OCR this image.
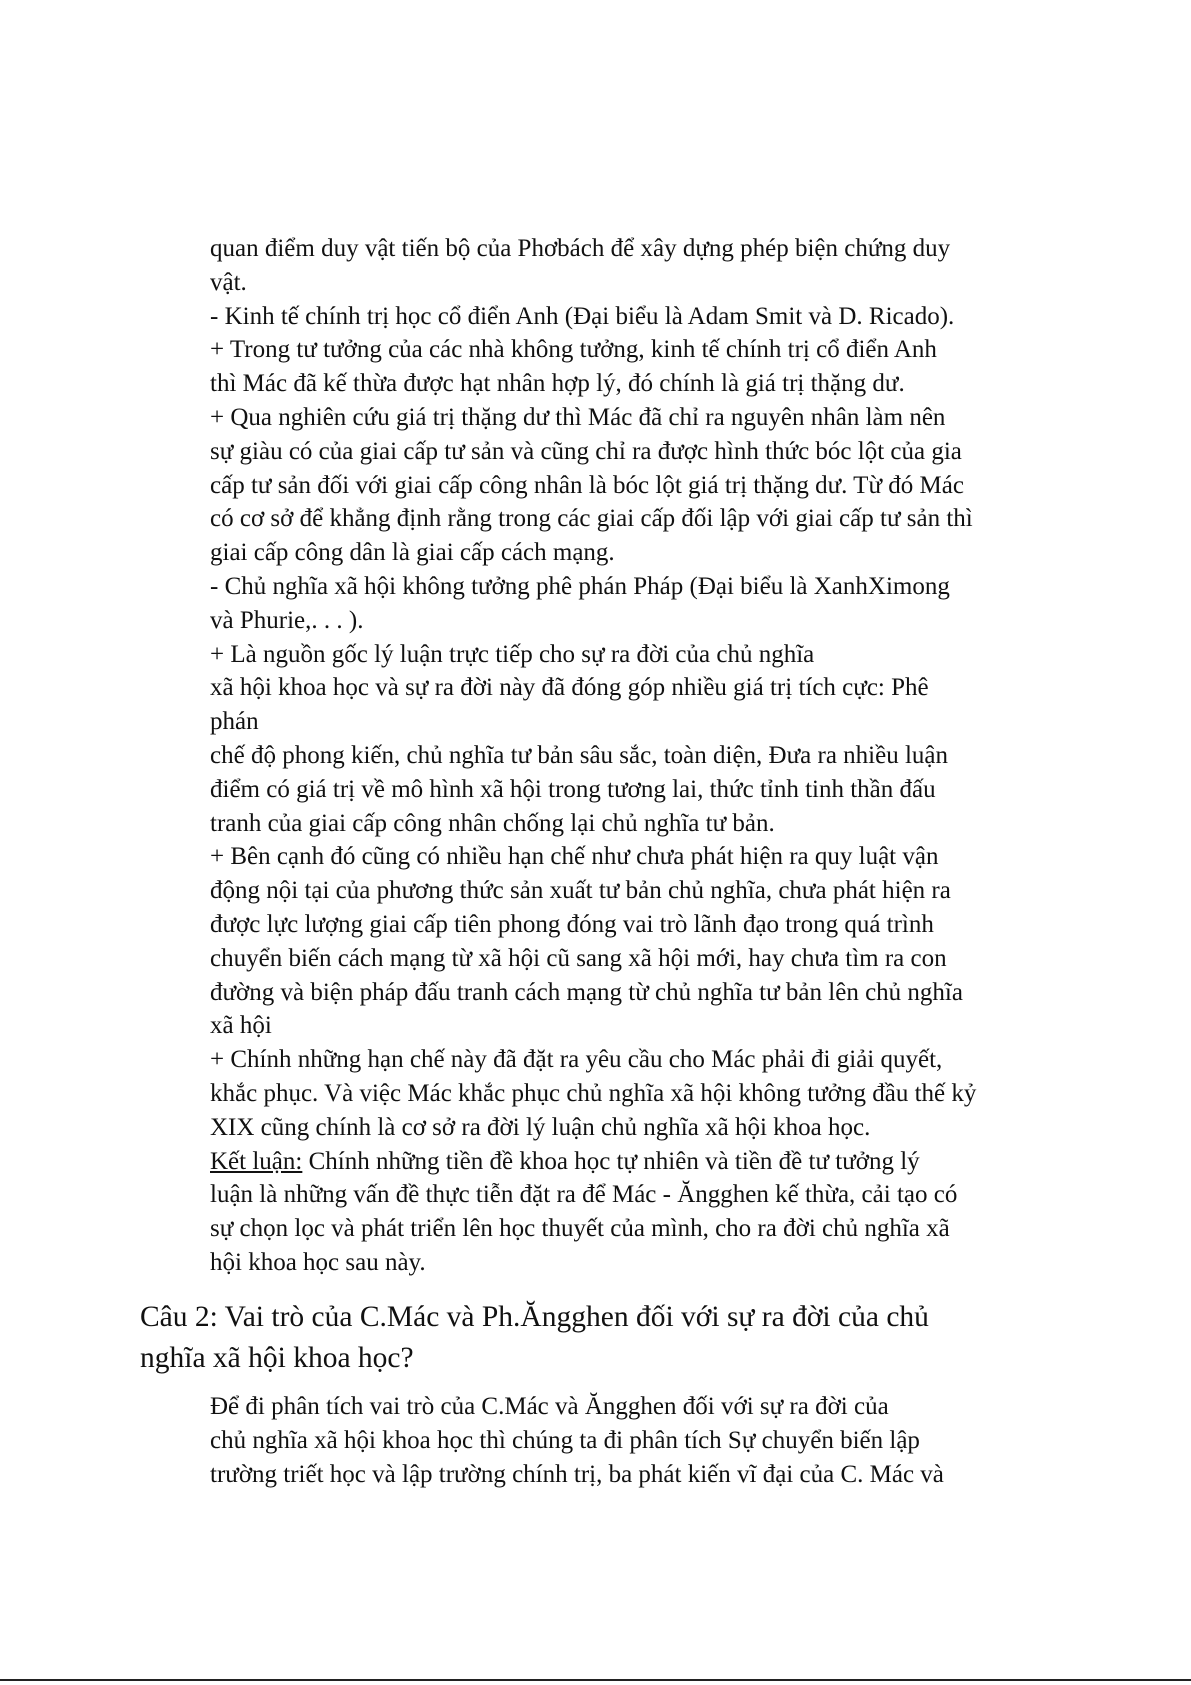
quan điểm duy vật tiến bộ của Phơbách để xây dựng phép biện chứng duy

vật.

- Kinh tế chính trị học cổ điển Anh (Đại biểu là Adam Smit và D. Ricado).

+ Trong tư tưởng của các nhà không tưởng, kinh tế chính trị cổ điển Anh

thì Mác đã kế thừa được hạt nhân hợp lý, đó chính là giá trị thặng dư.

+ Qua nghiên cứu giá trị thặng dư thì Mác đã chỉ ra nguyên nhân làm nên

sự giàu có của giai cấp tư sản và cũng chỉ ra được hình thức bóc lột của gia

cấp tư sản đối với giai cấp công nhân là bóc lột giá trị thặng dư. Từ đó Mác

có cơ sở để khẳng định rằng trong các giai cấp đối lập với giai cấp tư sản thì

giai cấp công dân là giai cấp cách mạng.

- Chủ nghĩa xã hội không tưởng phê phán Pháp (Đại biểu là XanhXimong

và Phurie,. . . ).

+ Là nguồn gốc lý luận trực tiếp cho sự ra đời của chủ nghĩa

xã hội khoa học và sự ra đời này đã đóng góp nhiều giá trị tích cực: Phê

phán

chế độ phong kiến, chủ nghĩa tư bản sâu sắc, toàn diện, Đưa ra nhiều luận

điểm có giá trị về mô hình xã hội trong tương lai, thức tỉnh tinh thần đấu

tranh của giai cấp công nhân chống lại chủ nghĩa tư bản.

+ Bên cạnh đó cũng có nhiều hạn chế như chưa phát hiện ra quy luật vận

động nội tại của phương thức sản xuất tư bản chủ nghĩa, chưa phát hiện ra

được lực lượng giai cấp tiên phong đóng vai trò lãnh đạo trong quá trình

chuyển biến cách mạng từ xã hội cũ sang xã hội mới, hay chưa tìm ra con

đường và biện pháp đấu tranh cách mạng từ chủ nghĩa tư bản lên chủ nghĩa

xã hội

+ Chính những hạn chế này đã đặt ra yêu cầu cho Mác phải đi giải quyết,

khắc phục. Và việc Mác khắc phục chủ nghĩa xã hội không tưởng đầu thế kỷ

XIX cũng chính là cơ sở ra đời lý luận chủ nghĩa xã hội khoa học.

Kết luận: Chính những tiền đề khoa học tự nhiên và tiền đề tư tưởng lý

luận là những vấn đề thực tiễn đặt ra để Mác - Ăngghen kế thừa, cải tạo có

sự chọn lọc và phát triển lên học thuyết của mình, cho ra đời chủ nghĩa xã

hội khoa học sau này.

Câu 2: Vai trò của C.Mác và Ph.Ăngghen đối với sự ra đời của chủ
nghĩa xã hội khoa học?

Để đi phân tích vai trò của C.Mác và Ăngghen đối với sự ra đời của

chủ nghĩa xã hội khoa học thì chúng ta đi phân tích Sự chuyển biến lập

trường triết học và lập trường chính trị, ba phát kiến vĩ đại của C. Mác và
